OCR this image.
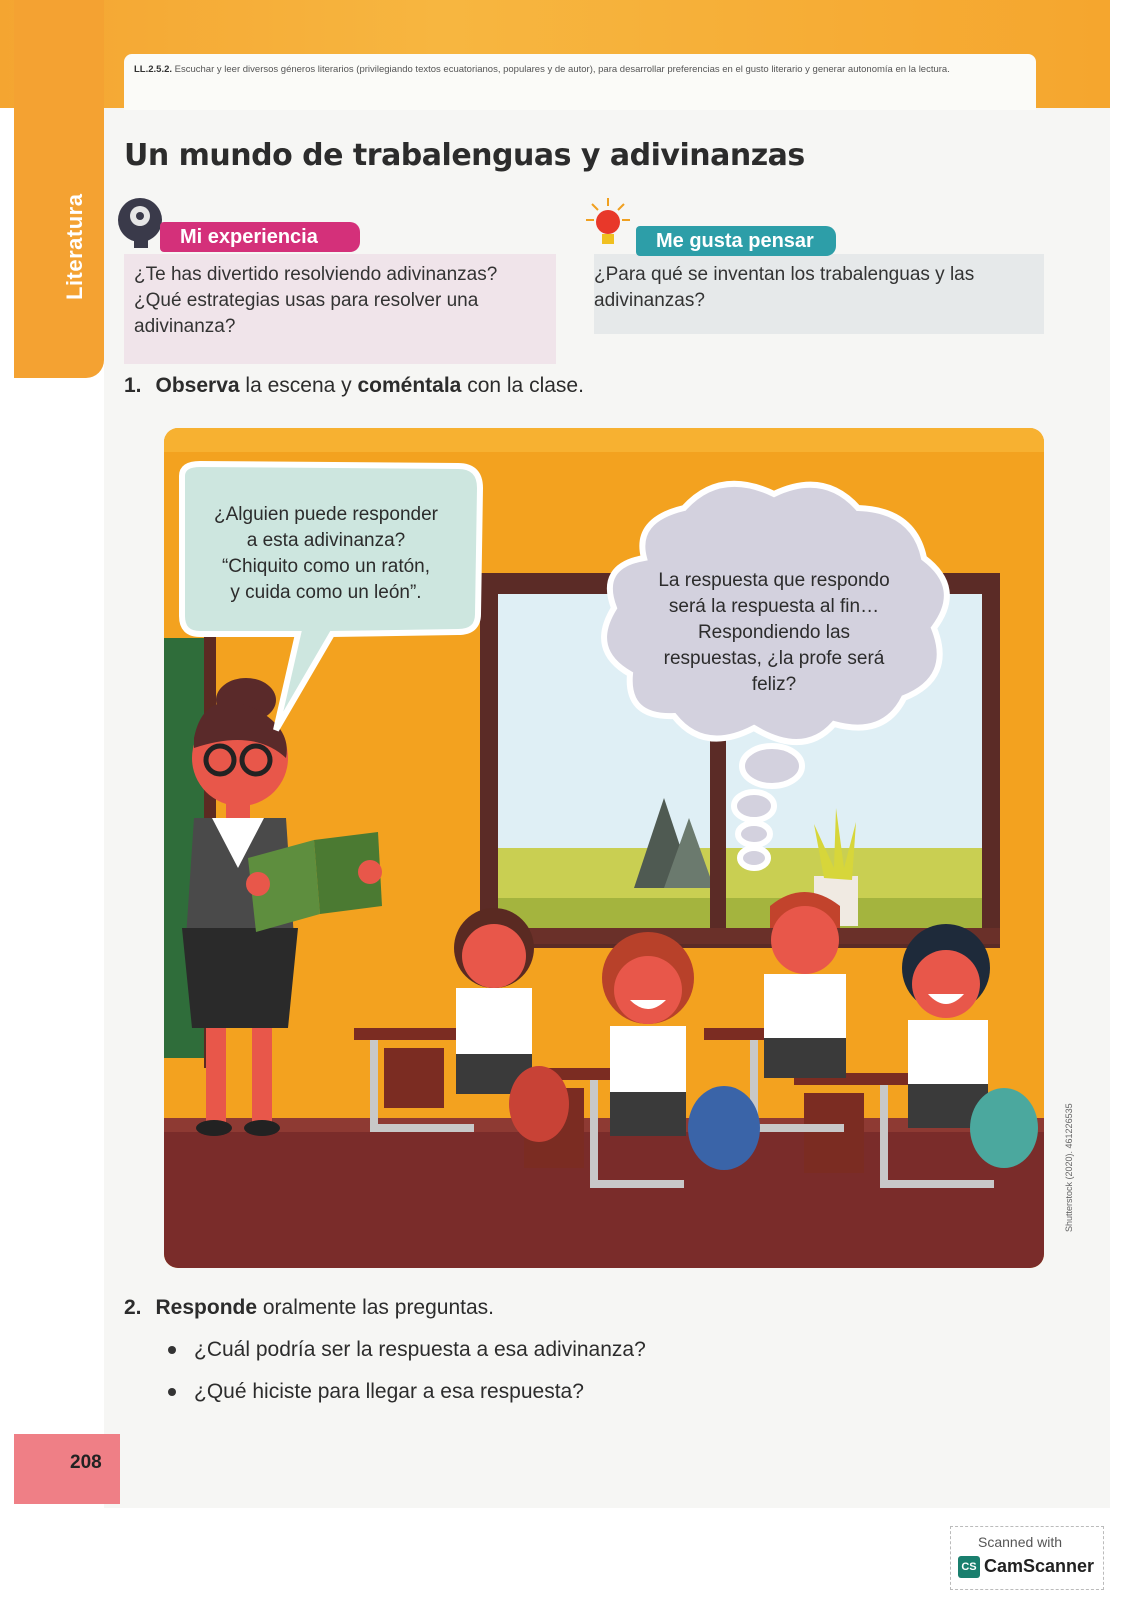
Literatura
LL.2.5.2. Escuchar y leer diversos géneros literarios (privilegiando textos ecuatorianos, populares y de autor), para desarrollar preferencias en el gusto literario y generar autonomía en la lectura.
Un mundo de trabalenguas y adivinanzas
Mi experiencia
¿Te has divertido resolviendo adivinanzas?
¿Qué estrategias usas para resolver una
adivinanza?
Me gusta pensar
¿Para qué se inventan los trabalenguas y las
adivinanzas?
1. Observa la escena y coméntala con la clase.
¿Alguien puede responder
a esta adivinanza?
“Chiquito como un ratón,
y cuida como un león”.
La respuesta que respondo
será la respuesta al fin…
Respondiendo las
respuestas, ¿la profe será
feliz?
Shutterstock (2020). 461226535
2. Responde oralmente las preguntas.
¿Cuál podría ser la respuesta a esa adivinanza?
¿Qué hiciste para llegar a esa respuesta?
208
Scanned with
CS CamScanner
